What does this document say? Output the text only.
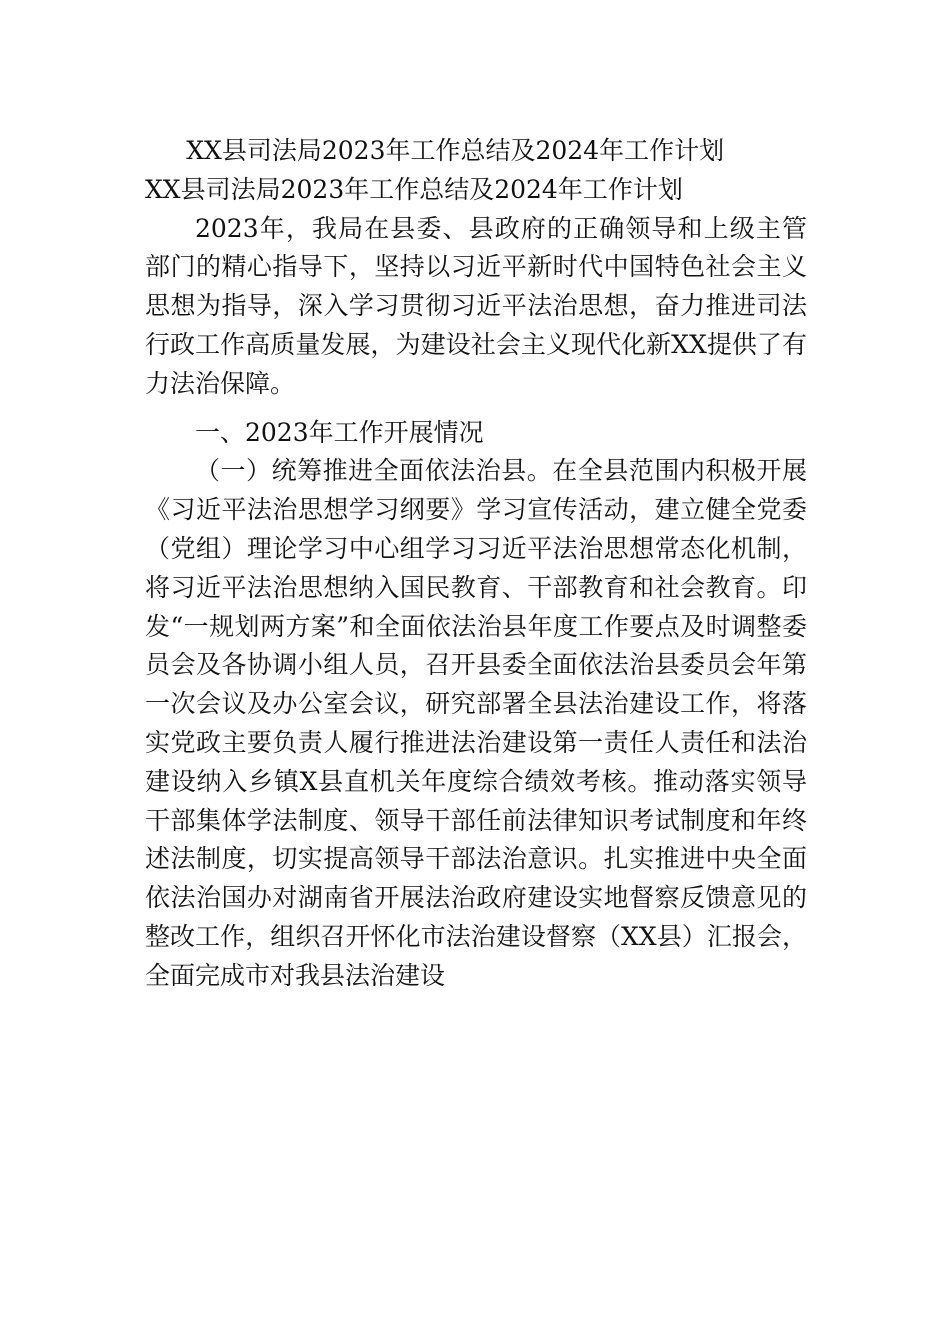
XX县司法局2023年工作总结及2024年工作计划

XX县司法局2023年工作总结及2024年工作计划

2023年，我局在县委、县政府的正确领导和上级主管部门的精心指导下，坚持以习近平新时代中国特色社会主义思想为指导，深入学习贯彻习近平法治思想，奋力推进司法行政工作高质量发展，为建设社会主义现代化新XX提供了有力法治保障。

一、2023年工作开展情况

（一）统筹推进全面依法治县。在全县范围内积极开展《习近平法治思想学习纲要》学习宣传活动，建立健全党委（党组）理论学习中心组学习习近平法治思想常态化机制，将习近平法治思想纳入国民教育、干部教育和社会教育。印发“一规划两方案”和全面依法治县年度工作要点及时调整委员会及各协调小组人员，召开县委全面依法治县委员会年第一次会议及办公室会议，研究部署全县法治建设工作，将落实党政主要负责人履行推进法治建设第一责任人责任和法治建设纳入乡镇X县直机关年度综合绩效考核。推动落实领导干部集体学法制度、领导干部任前法律知识考试制度和年终述法制度，切实提高领导干部法治意识。扎实推进中央全面依法治国办对湖南省开展法治政府建设实地督察反馈意见的整改工作，组织召开怀化市法治建设督察（XX县）汇报会，全面完成市对我县法治建设
